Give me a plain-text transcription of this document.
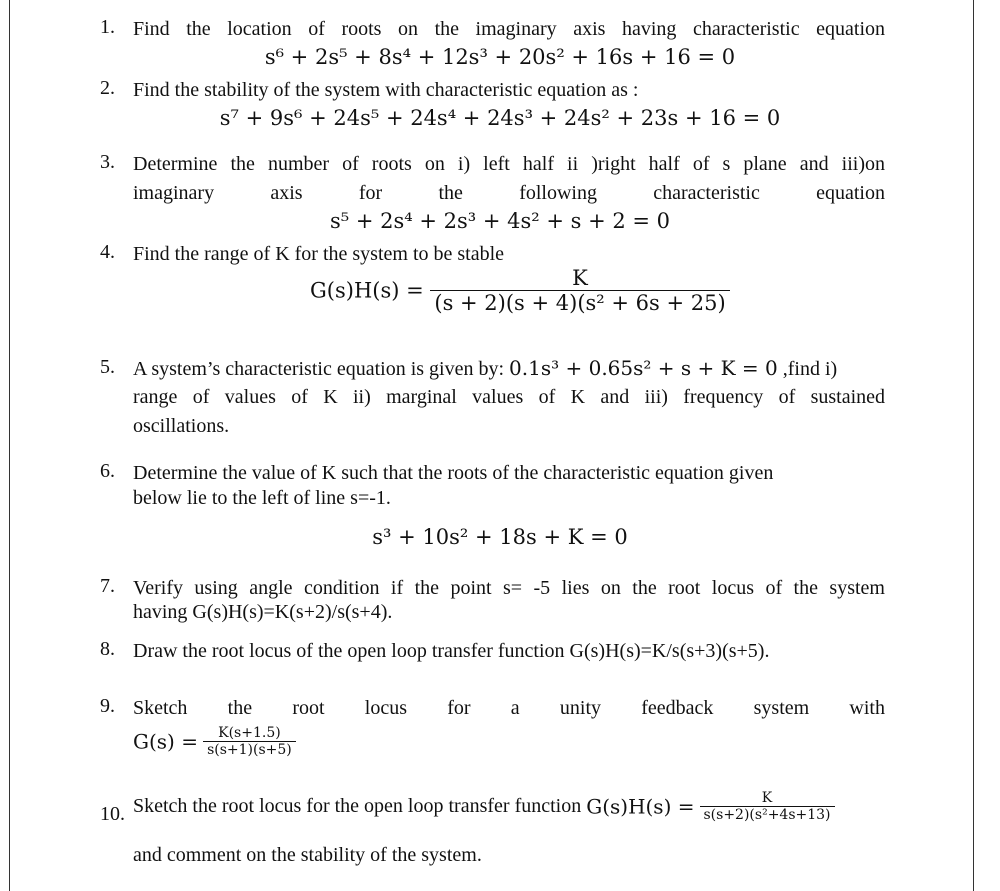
1. Find the location of roots on the imaginary axis having characteristic equation
s⁶ + 2s⁵ + 8s⁴ + 12s³ + 20s² + 16s + 16 = 0
2. Find the stability of the system with characteristic equation as :
s⁷ + 9s⁶ + 24s⁵ + 24s⁴ + 24s³ + 24s² + 23s + 16 = 0
3. Determine the number of roots on i) left half ii )right half of s plane and iii)on
imaginary axis for the following characteristic equation
s⁵ + 2s⁴ + 2s³ + 4s² + s + 2 = 0
4. Find the range of K for the system to be stable
$G(s)H(s) = \frac{K}{\text{(s + 2)(s + 4)(s² + 6s + 25)}}$
5. A system’s characteristic equation is given by: 0.1s³ + 0.65s² + s + K = 0 ,find i)
range of values of K ii) marginal values of K and iii) frequency of sustained
oscillations.
6. Determine the value of K such that the roots of the characteristic equation given
below lie to the left of line s=-1.
s³ + 10s² + 18s + K = 0
7. Verify using angle condition if the point s= -5 lies on the root locus of the system
having G(s)H(s)=K(s+2)/s(s+4).
8. Draw the root locus of the open loop transfer function G(s)H(s)=K/s(s+3)(s+5).
9. Sketch the root locus for a unity feedback system with
$G(s) = \frac{K(s+1.5)}{s(s+1)(s+5)}$
10. Sketch the root locus for the open loop transfer function $G(s)H(s) = \frac{K}{\text{s(s+2)(s²+4s+13)}}$
and comment on the stability of the system.
